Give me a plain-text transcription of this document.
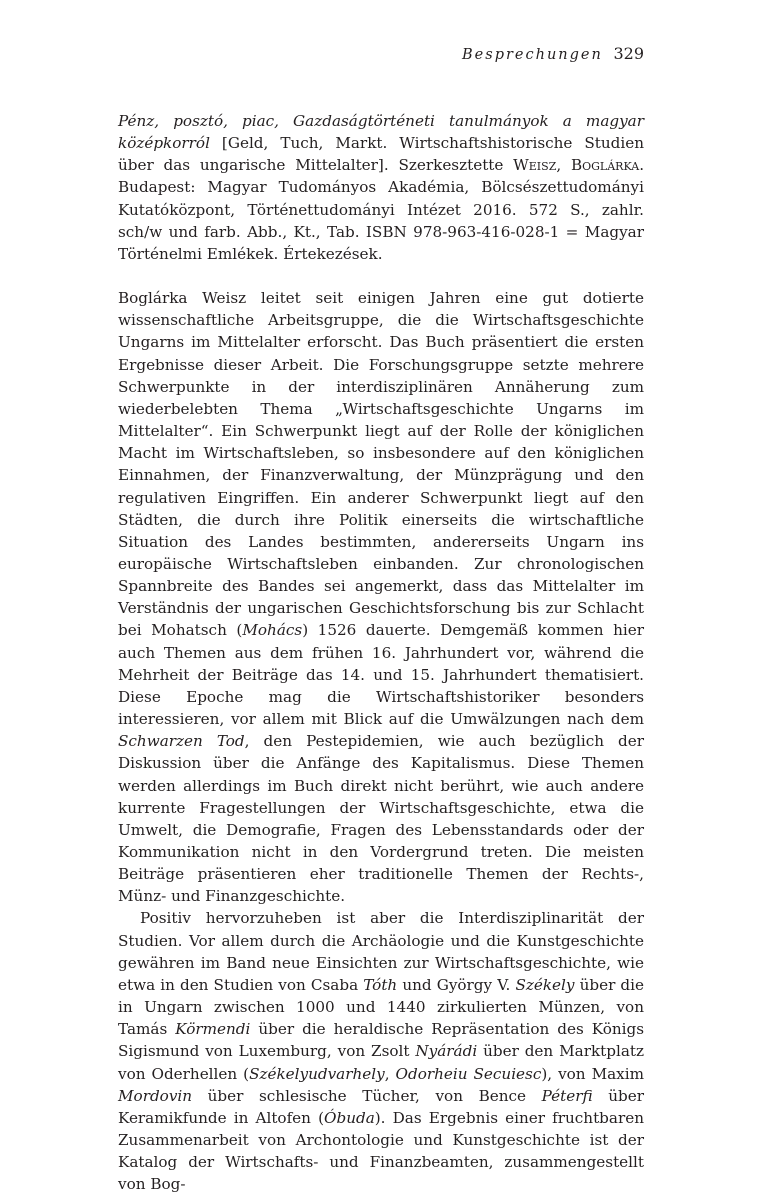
Besprechungen 329

Pénz, posztó, piac, Gazdaságtörténeti tanulmányok a magyar középkorról [Geld, Tuch, Markt. Wirtschaftshistorische Studien über das ungarische Mittelalter]. Szerkesztette Weisz, Boglárka. Budapest: Magyar Tudományos Akadémia, Bölcsészettudományi Kutatóközpont, Történettudományi Intézet 2016. 572 S., zahlr. sch/w und farb. Abb., Kt., Tab. ISBN 978-963-416-028-1 = Magyar Történelmi Emlékek. Értekezések.

Boglárka Weisz leitet seit einigen Jahren eine gut dotierte wissenschaftliche Arbeitsgruppe, die die Wirtschaftsgeschichte Ungarns im Mittelalter erforscht. Das Buch präsentiert die ersten Ergebnisse dieser Arbeit. Die Forschungsgruppe setzte mehrere Schwerpunkte in der interdisziplinären Annäherung zum wiederbelebten Thema „Wirtschaftsgeschichte Ungarns im Mittelalter“. Ein Schwerpunkt liegt auf der Rolle der königlichen Macht im Wirtschaftsleben, so insbesondere auf den königlichen Einnahmen, der Finanzverwaltung, der Münzprägung und den regulativen Eingriffen. Ein anderer Schwerpunkt liegt auf den Städten, die durch ihre Politik einerseits die wirtschaftliche Situation des Landes bestimmten, andererseits Ungarn ins europäische Wirtschaftsleben einbanden. Zur chronologischen Spannbreite des Bandes sei angemerkt, dass das Mittelalter im Verständnis der ungarischen Geschichtsforschung bis zur Schlacht bei Mohatsch (Mohács) 1526 dauerte. Demgemäß kommen hier auch Themen aus dem frühen 16. Jahrhundert vor, während die Mehrheit der Beiträge das 14. und 15. Jahrhundert thematisiert. Diese Epoche mag die Wirtschaftshistoriker besonders interessieren, vor allem mit Blick auf die Umwälzungen nach dem Schwarzen Tod, den Pestepidemien, wie auch bezüglich der Diskussion über die Anfänge des Kapitalismus. Diese Themen werden allerdings im Buch direkt nicht berührt, wie auch andere kurrente Fragestellungen der Wirtschaftsgeschichte, etwa die Umwelt, die Demografie, Fragen des Lebensstandards oder der Kommunikation nicht in den Vordergrund treten. Die meisten Beiträge präsentieren eher traditionelle Themen der Rechts-, Münz- und Finanzgeschichte.

Positiv hervorzuheben ist aber die Interdisziplinarität der Studien. Vor allem durch die Archäologie und die Kunstgeschichte gewähren im Band neue Einsichten zur Wirtschaftsgeschichte, wie etwa in den Studien von Csaba Tóth und György V. Székely über die in Ungarn zwischen 1000 und 1440 zirkulierten Münzen, von Tamás Körmendi über die heraldische Repräsentation des Königs Sigismund von Luxemburg, von Zsolt Nyárádi über den Marktplatz von Oderhellen (Székelyudvarhely, Odorheiu Secuiesc), von Maxim Mordovin über schlesische Tücher, von Bence Péterfi über Keramikfunde in Altofen (Óbuda). Das Ergebnis einer fruchtbaren Zusammenarbeit von Archontologie und Kunstgeschichte ist der Katalog der Wirtschafts- und Finanzbeamten, zusammengestellt von Bog-
